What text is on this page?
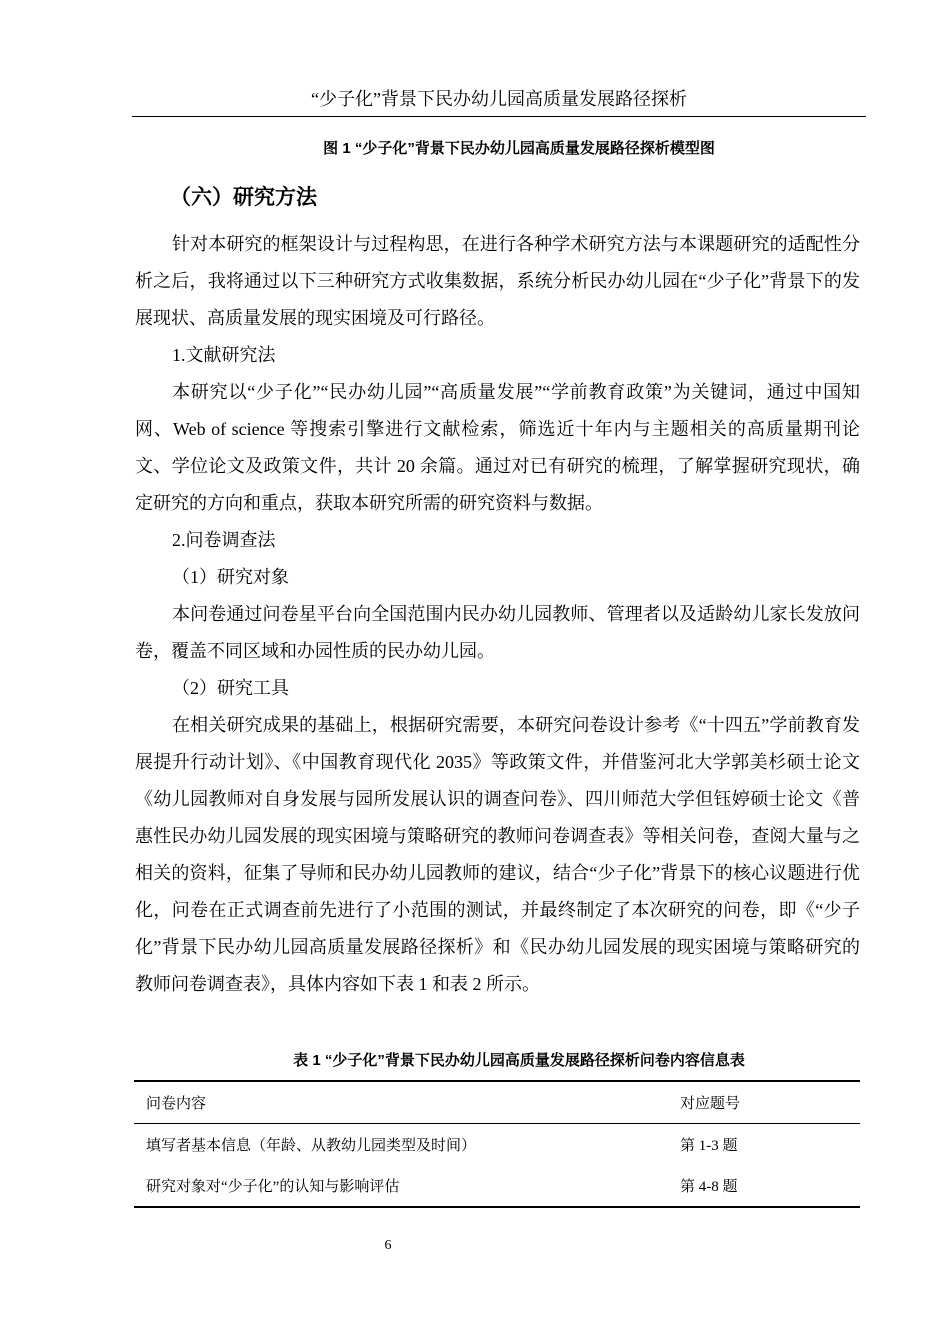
“少子化”背景下民办幼儿园高质量发展路径探析
图 1 “少子化”背景下民办幼儿园高质量发展路径探析模型图
（六）研究方法

针对本研究的框架设计与过程构思，在进行各种学术研究方法与本课题研究的适配性分析之后，我将通过以下三种研究方式收集数据，系统分析民办幼儿园在“少子化”背景下的发展现状、高质量发展的现实困境及可行路径。

1.文献研究法

本研究以“少子化”“民办幼儿园”“高质量发展”“学前教育政策”为关键词，通过中国知网、Web of science 等搜索引擎进行文献检索，筛选近十年内与主题相关的高质量期刊论文、学位论文及政策文件，共计 20 余篇。通过对已有研究的梳理，了解掌握研究现状，确定研究的方向和重点，获取本研究所需的研究资料与数据。

2.问卷调查法

（1）研究对象

本问卷通过问卷星平台向全国范围内民办幼儿园教师、管理者以及适龄幼儿家长发放问卷，覆盖不同区域和办园性质的民办幼儿园。

（2）研究工具

在相关研究成果的基础上，根据研究需要，本研究问卷设计参考《“十四五”学前教育发展提升行动计划》、《中国教育现代化 2035》等政策文件，并借鉴河北大学郭美杉硕士论文《幼儿园教师对自身发展与园所发展认识的调查问卷》、四川师范大学但钰婷硕士论文《普惠性民办幼儿园发展的现实困境与策略研究的教师问卷调查表》等相关问卷，查阅大量与之相关的资料，征集了导师和民办幼儿园教师的建议，结合“少子化”背景下的核心议题进行优化，问卷在正式调查前先进行了小范围的测试，并最终制定了本次研究的问卷，即《“少子化”背景下民办幼儿园高质量发展路径探析》和《民办幼儿园发展的现实困境与策略研究的教师问卷调查表》，具体内容如下表 1 和表 2 所示。

表 1 “少子化”背景下民办幼儿园高质量发展路径探析问卷内容信息表
问卷内容	对应题号
填写者基本信息（年龄、从教幼儿园类型及时间）	第 1-3 题
研究对象对“少子化”的认知与影响评估	第 4-8 题
6
